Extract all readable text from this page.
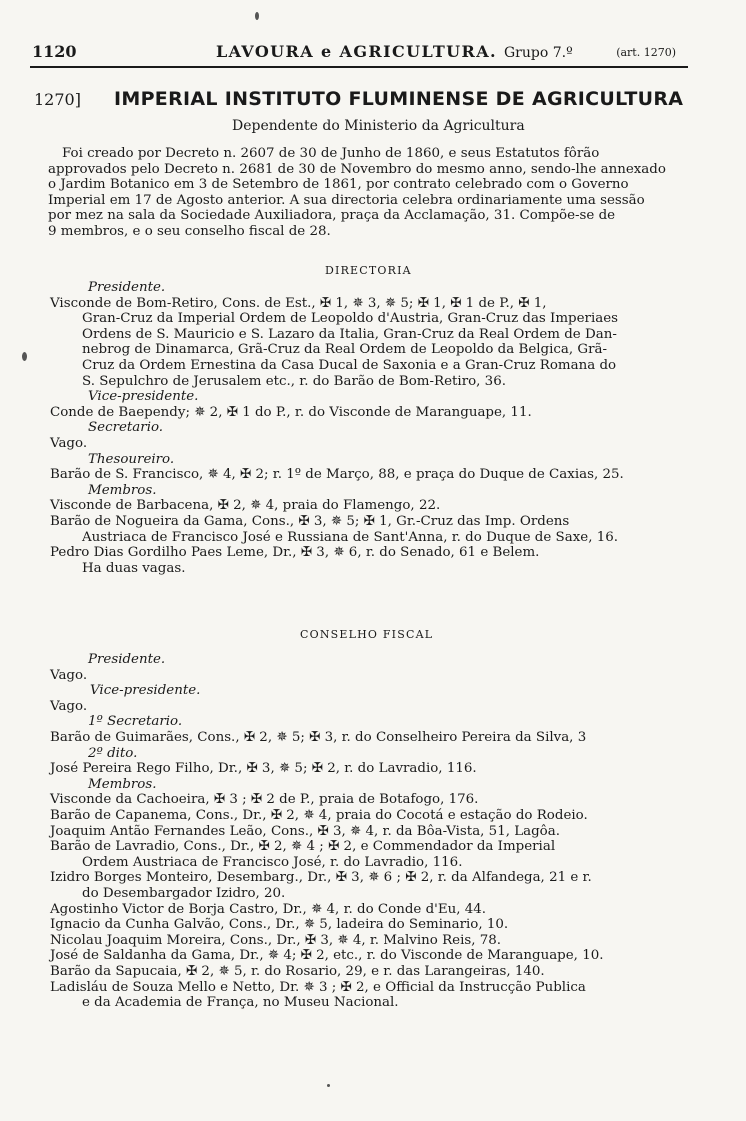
1120	LAVOURA e AGRICULTURA. Grupo 7.º	(art. 1270)
1270] IMPERIAL INSTITUTO FLUMINENSE DE AGRICULTURA
Dependente do Ministerio da Agricultura
Foi creado por Decreto n. 2607 de 30 de Junho de 1860, e seus Estatutos fôrão
approvados pelo Decreto n. 2681 de 30 de Novembro do mesmo anno, sendo-lhe annexado
o Jardim Botanico em 3 de Setembro de 1861, por contrato celebrado com o Governo
Imperial em 17 de Agosto anterior. A sua directoria celebra ordinariamente uma sessão
por mez na sala da Sociedade Auxiliadora, praça da Acclamação, 31. Compõe-se de
9 membros, e o seu conselho fiscal de 28.
DIRECTORIA
Presidente.
Visconde de Bom-Retiro, Cons. de Est., ✠ 1, ✵ 3, ✵ 5; ✠ 1, ✠ 1 de P., ✠ 1,
Gran-Cruz da Imperial Ordem de Leopoldo d'Austria, Gran-Cruz das Imperiaes
Ordens de S. Mauricio e S. Lazaro da Italia, Gran-Cruz da Real Ordem de Dan-
nebrog de Dinamarca, Grã-Cruz da Real Ordem de Leopoldo da Belgica, Grã-
Cruz da Ordem Ernestina da Casa Ducal de Saxonia e a Gran-Cruz Romana do
S. Sepulchro de Jerusalem etc., r. do Barão de Bom-Retiro, 36.
Vice-presidente.
Conde de Baependy; ✵ 2, ✠ 1 do P., r. do Visconde de Maranguape, 11.
Secretario.
Vago.
Thesoureiro.
Barão de S. Francisco, ✵ 4, ✠ 2; r. 1º de Março, 88, e praça do Duque de Caxias, 25.
Membros.
Visconde de Barbacena, ✠ 2, ✵ 4, praia do Flamengo, 22.
Barão de Nogueira da Gama, Cons., ✠ 3, ✵ 5; ✠ 1, Gr.-Cruz das Imp. Ordens
Austriaca de Francisco José e Russiana de Sant'Anna, r. do Duque de Saxe, 16.
Pedro Dias Gordilho Paes Leme, Dr., ✠ 3, ✵ 6, r. do Senado, 61 e Belem.
Ha duas vagas.
CONSELHO FISCAL
Presidente.
Vago.
Vice-presidente.
Vago.
1º Secretario.
Barão de Guimarães, Cons., ✠ 2, ✵ 5; ✠ 3, r. do Conselheiro Pereira da Silva, 3
2º dito.
José Pereira Rego Filho, Dr., ✠ 3, ✵ 5; ✠ 2, r. do Lavradio, 116.
Membros.
Visconde da Cachoeira, ✠ 3 ; ✠ 2 de P., praia de Botafogo, 176.
Barão de Capanema, Cons., Dr., ✠ 2, ✵ 4, praia do Cocotá e estação do Rodeio.
Joaquim Antão Fernandes Leão, Cons., ✠ 3, ✵ 4, r. da Bôa-Vista, 51, Lagôa.
Barão de Lavradio, Cons., Dr., ✠ 2, ✵ 4 ; ✠ 2, e Commendador da Imperial
Ordem Austriaca de Francisco José, r. do Lavradio, 116.
Izidro Borges Monteiro, Desembarg., Dr., ✠ 3, ✵ 6 ; ✠ 2, r. da Alfandega, 21 e r.
do Desembargador Izidro, 20.
Agostinho Victor de Borja Castro, Dr., ✵ 4, r. do Conde d'Eu, 44.
Ignacio da Cunha Galvão, Cons., Dr., ✵ 5, ladeira do Seminario, 10.
Nicolau Joaquim Moreira, Cons., Dr., ✠ 3, ✵ 4, r. Malvino Reis, 78.
José de Saldanha da Gama, Dr., ✵ 4; ✠ 2, etc., r. do Visconde de Maranguape, 10.
Barão da Sapucaia, ✠ 2, ✵ 5, r. do Rosario, 29, e r. das Larangeiras, 140.
Ladisláu de Souza Mello e Netto, Dr. ✵ 3 ; ✠ 2, e Official da Instrucção Publica
e da Academia de França, no Museu Nacional.
